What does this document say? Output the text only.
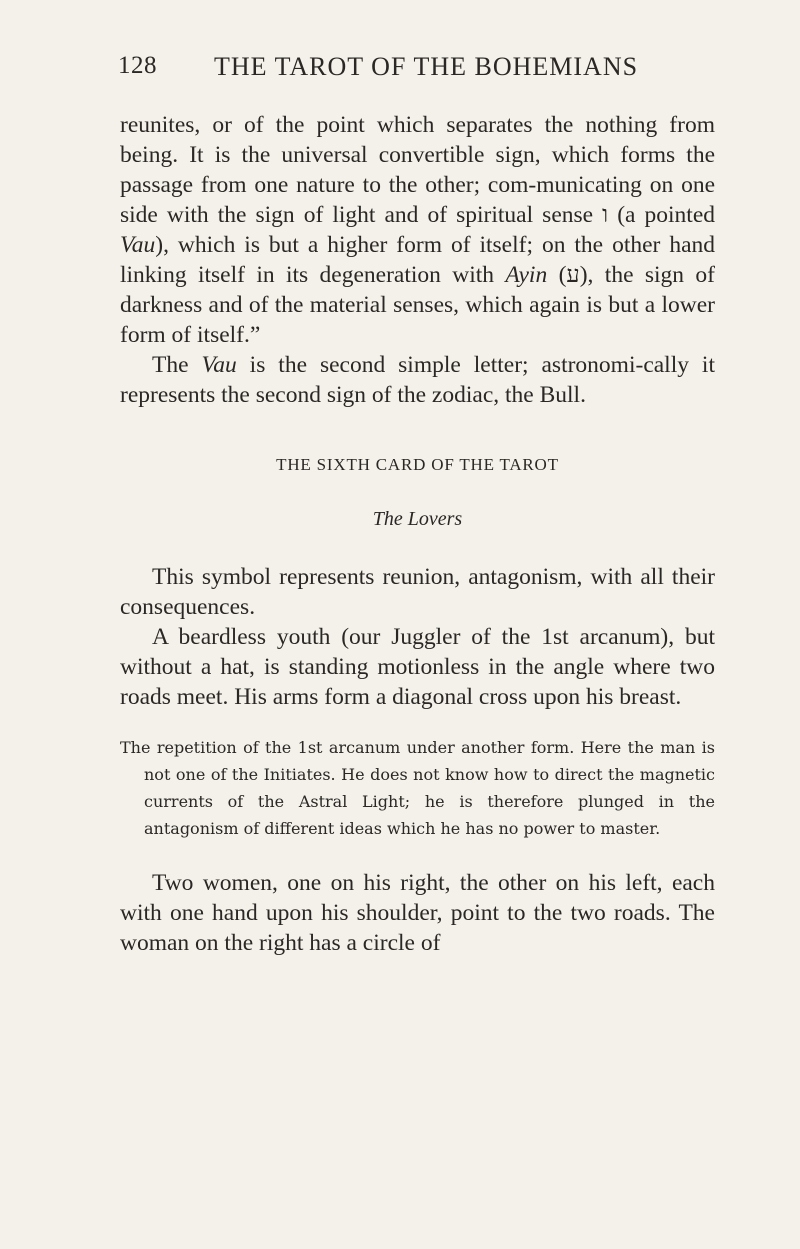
128 THE TAROT OF THE BOHEMIANS

reunites, or of the point which separates the nothing from being. It is the universal convertible sign, which forms the passage from one nature to the other; com-municating on one side with the sign of light and of spiritual sense ו (a pointed Vau), which is but a higher form of itself; on the other hand linking itself in its degeneration with Ayin (ע), the sign of darkness and of the material senses, which again is but a lower form of itself.”

The Vau is the second simple letter; astronomi-cally it represents the second sign of the zodiac, the Bull.

THE SIXTH CARD OF THE TAROT
The Lovers

This symbol represents reunion, antagonism, with all their consequences.

A beardless youth (our Juggler of the 1st arcanum), but without a hat, is standing motionless in the angle where two roads meet. His arms form a diagonal cross upon his breast.

The repetition of the 1st arcanum under another form. Here the man is not one of the Initiates. He does not know how to direct the magnetic currents of the Astral Light; he is therefore plunged in the antagonism of different ideas which he has no power to master.

Two women, one on his right, the other on his left, each with one hand upon his shoulder, point to the two roads. The woman on the right has a circle of
